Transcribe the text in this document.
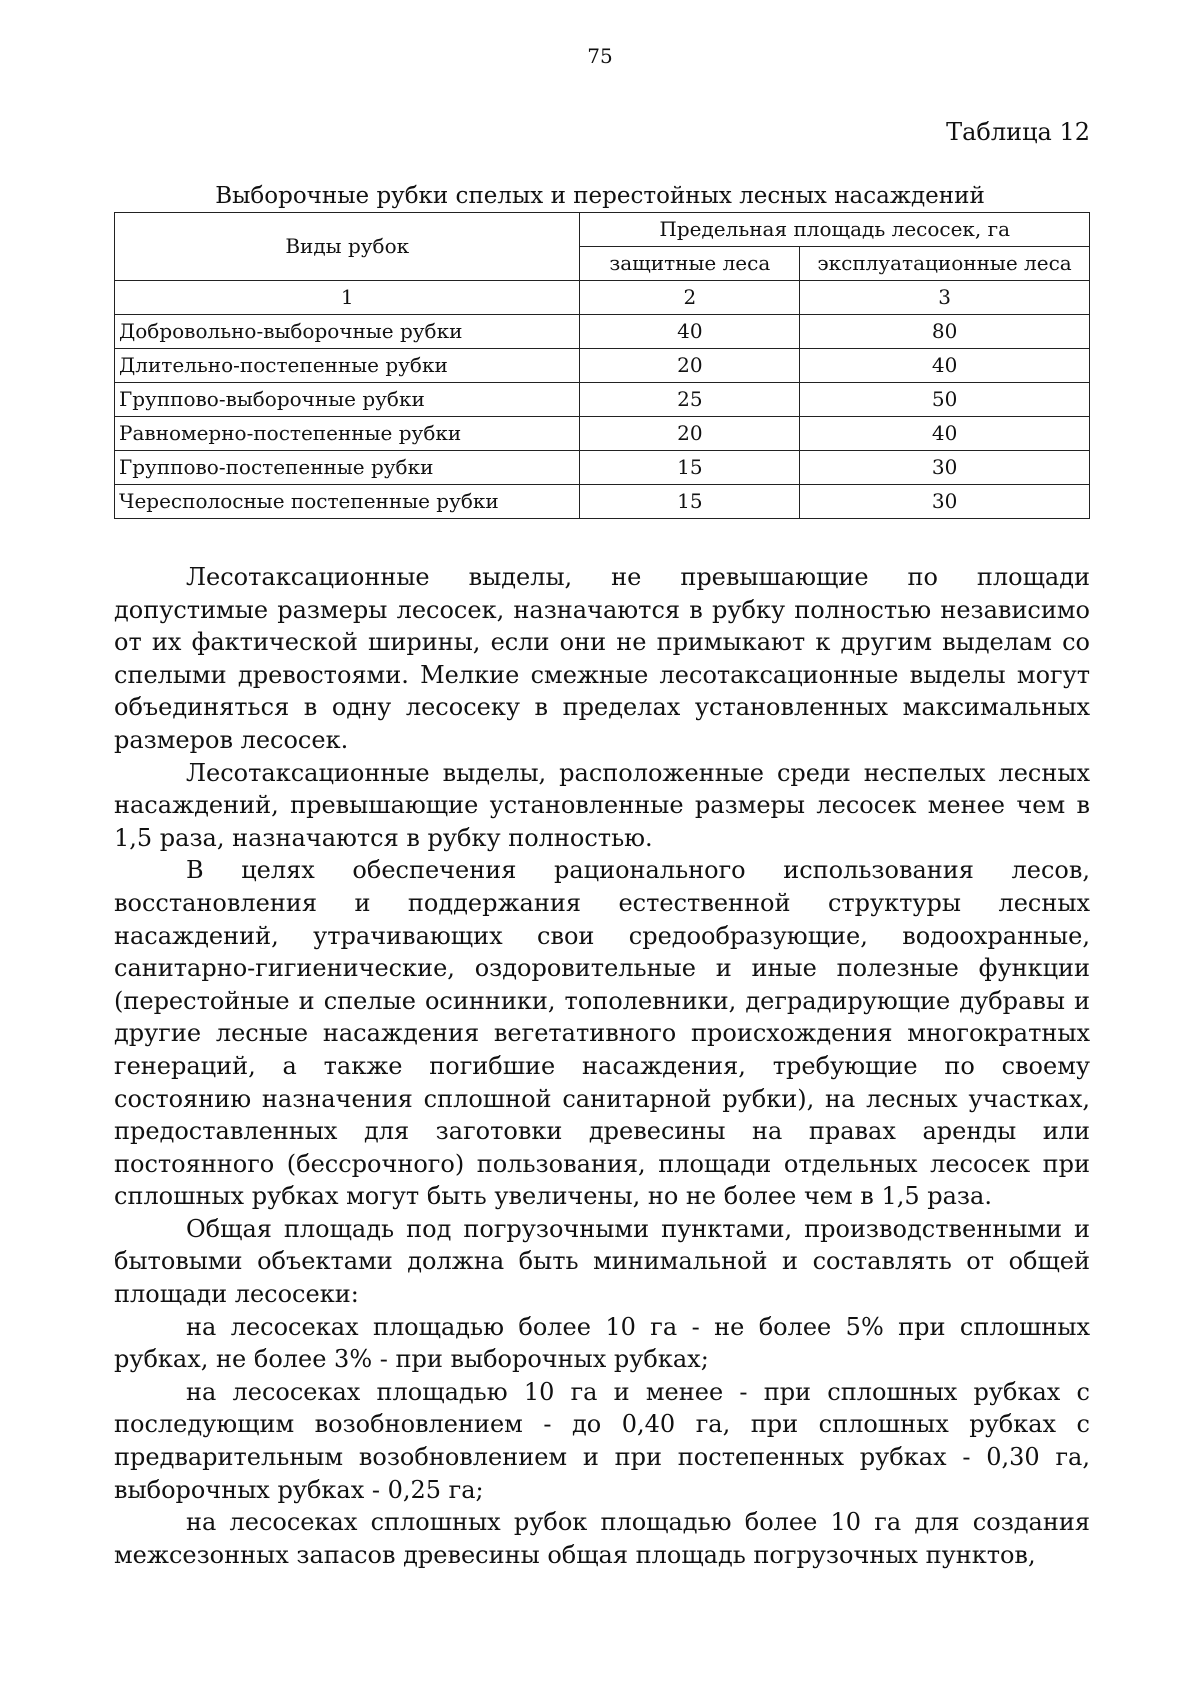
75
Таблица 12
Выборочные рубки спелых и перестойных лесных насаждений
Виды рубок	Предельная площадь лесосек, га	
	защитные леса	эксплуатационные леса
1	2	3
Добровольно-выборочные рубки	40	80
Длительно-постепенные рубки	20	40
Группово-выборочные рубки	25	50
Равномерно-постепенные рубки	20	40
Группово-постепенные рубки	15	30
Чересполосные постепенные рубки	15	30

Лесотаксационные выделы, не превышающие по площади допустимые размеры лесосек, назначаются в рубку полностью независимо от их фактической ширины, если они не примыкают к другим выделам со спелыми древостоями. Мелкие смежные лесотаксационные выделы могут объединяться в одну лесосеку в пределах установленных максимальных размеров лесосек.

Лесотаксационные выделы, расположенные среди неспелых лесных насаждений, превышающие установленные размеры лесосек менее чем в 1,5 раза, назначаются в рубку полностью.

В целях обеспечения рационального использования лесов, восстановления и поддержания естественной структуры лесных насаждений, утрачивающих свои средообразующие, водоохранные, санитарно-гигиенические, оздоровительные и иные полезные функции (перестойные и спелые осинники, тополевники, деградирующие дубравы и другие лесные насаждения вегетативного происхождения многократных генераций, а также погибшие насаждения, требующие по своему состоянию назначения сплошной санитарной рубки), на лесных участках, предоставленных для заготовки древесины на правах аренды или постоянного (бессрочного) пользования, площади отдельных лесосек при сплошных рубках могут быть увеличены, но не более чем в 1,5 раза.

Общая площадь под погрузочными пунктами, производственными и бытовыми объектами должна быть минимальной и составлять от общей площади лесосеки:

на лесосеках площадью более 10 га - не более 5% при сплошных рубках, не более 3% - при выборочных рубках;

на лесосеках площадью 10 га и менее - при сплошных рубках с последующим возобновлением - до 0,40 га, при сплошных рубках с предварительным возобновлением и при постепенных рубках - 0,30 га, выборочных рубках - 0,25 га;

на лесосеках сплошных рубок площадью более 10 га для создания межсезонных запасов древесины общая площадь погрузочных пунктов,
